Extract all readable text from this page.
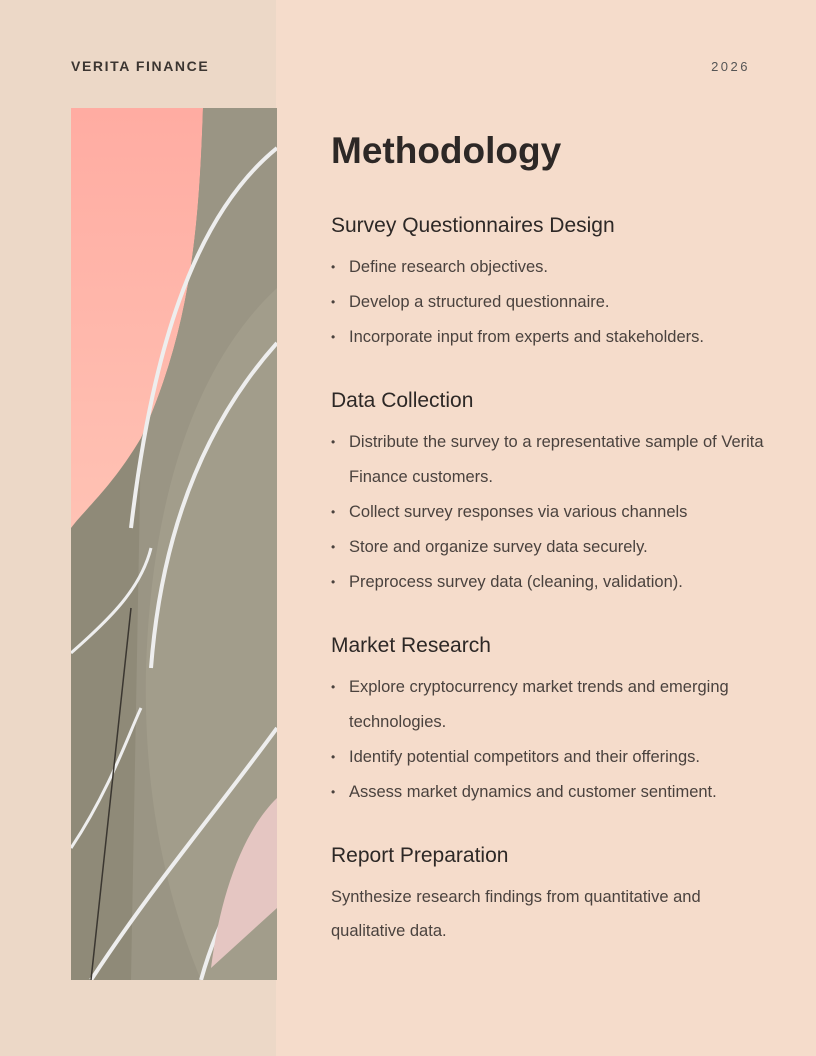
VERITA FINANCE	2026
Methodology
Survey Questionnaires Design
• Define research objectives.
• Develop a structured questionnaire.
• Incorporate input from experts and stakeholders.
Data Collection
• Distribute the survey to a representative sample of Verita Finance customers.
• Collect survey responses via various channels
• Store and organize survey data securely.
• Preprocess survey data (cleaning, validation).
Market Research
• Explore cryptocurrency market trends and emerging technologies.
• Identify potential competitors and their offerings.
• Assess market dynamics and customer sentiment.
Report Preparation

Synthesize research findings from quantitative and qualitative data.
